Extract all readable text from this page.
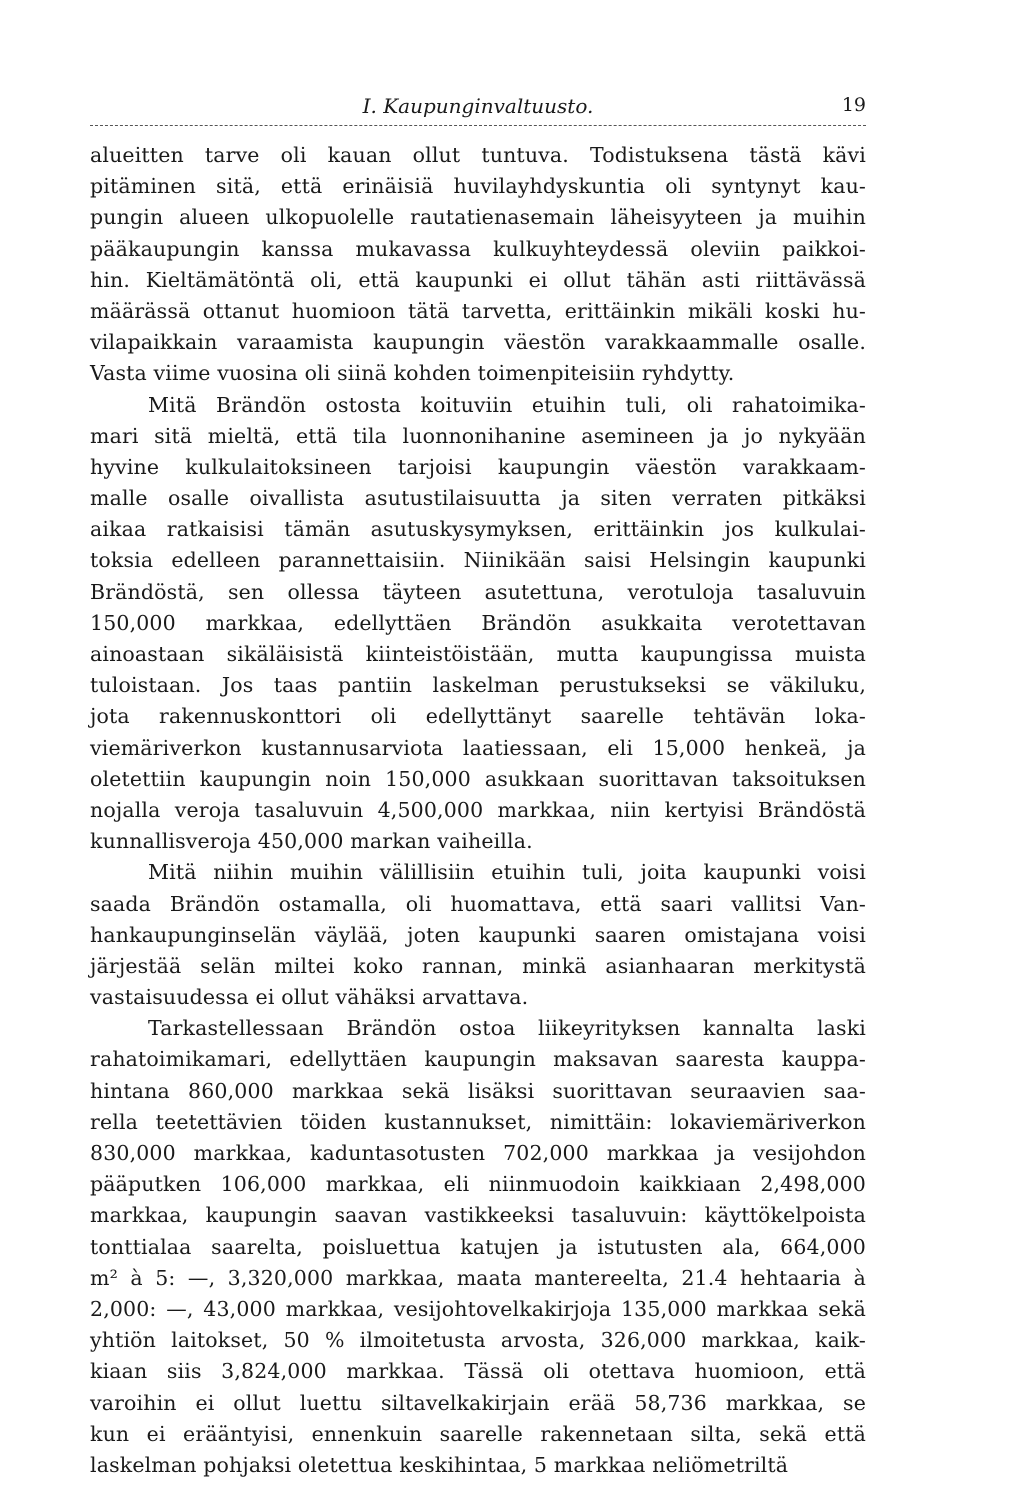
I. Kaupunginvaltuusto.	19
alueitten tarve oli kauan ollut tuntuva. Todistuksena tästä kävi
pitäminen sitä, että erinäisiä huvilayhdyskuntia oli syntynyt kau-
pungin alueen ulkopuolelle rautatienasemain läheisyyteen ja muihin
pääkaupungin kanssa mukavassa kulkuyhteydessä oleviin paikkoi-
hin. Kieltämätöntä oli, että kaupunki ei ollut tähän asti riittävässä
määrässä ottanut huomioon tätä tarvetta, erittäinkin mikäli koski hu-
vilapaikkain varaamista kaupungin väestön varakkaammalle osalle.
Vasta viime vuosina oli siinä kohden toimenpiteisiin ryhdytty.
Mitä Brändön ostosta koituviin etuihin tuli, oli rahatoimika-
mari sitä mieltä, että tila luonnonihanine asemineen ja jo nykyään
hyvine kulkulaitoksineen tarjoisi kaupungin väestön varakkaam-
malle osalle oivallista asutustilaisuutta ja siten verraten pitkäksi
aikaa ratkaisisi tämän asutuskysymyksen, erittäinkin jos kulkulai-
toksia edelleen parannettaisiin. Niinikään saisi Helsingin kaupunki
Brändöstä, sen ollessa täyteen asutettuna, verotuloja tasaluvuin
150,000 markkaa, edellyttäen Brändön asukkaita verotettavan
ainoastaan sikäläisistä kiinteistöistään, mutta kaupungissa muista
tuloistaan. Jos taas pantiin laskelman perustukseksi se väkiluku,
jota rakennuskonttori oli edellyttänyt saarelle tehtävän loka-
viemäriverkon kustannusarviota laatiessaan, eli 15,000 henkeä, ja
oletettiin kaupungin noin 150,000 asukkaan suorittavan taksoituksen
nojalla veroja tasaluvuin 4,500,000 markkaa, niin kertyisi Brändöstä
kunnallisveroja 450,000 markan vaiheilla.
Mitä niihin muihin välillisiin etuihin tuli, joita kaupunki voisi
saada Brändön ostamalla, oli huomattava, että saari vallitsi Van-
hankaupunginselän väylää, joten kaupunki saaren omistajana voisi
järjestää selän miltei koko rannan, minkä asianhaaran merkitystä
vastaisuudessa ei ollut vähäksi arvattava.
Tarkastellessaan Brändön ostoa liikeyrityksen kannalta laski
rahatoimikamari, edellyttäen kaupungin maksavan saaresta kauppa-
hintana 860,000 markkaa sekä lisäksi suorittavan seuraavien saa-
rella teetettävien töiden kustannukset, nimittäin: lokaviemäriverkon
830,000 markkaa, kaduntasotusten 702,000 markkaa ja vesijohdon
pääputken 106,000 markkaa, eli niinmuodoin kaikkiaan 2,498,000
markkaa, kaupungin saavan vastikkeeksi tasaluvuin: käyttökelpoista
tonttialaa saarelta, poisluettua katujen ja istutusten ala, 664,000
m² à 5: —, 3,320,000 markkaa, maata mantereelta, 21.4 hehtaaria à
2,000: —, 43,000 markkaa, vesijohtovelkakirjoja 135,000 markkaa sekä
yhtiön laitokset, 50 % ilmoitetusta arvosta, 326,000 markkaa, kaik-
kiaan siis 3,824,000 markkaa. Tässä oli otettava huomioon, että
varoihin ei ollut luettu siltavelkakirjain erää 58,736 markkaa, se
kun ei erääntyisi, ennenkuin saarelle rakennetaan silta, sekä että
laskelman pohjaksi oletettua keskihintaa, 5 markkaa neliömetriltä
